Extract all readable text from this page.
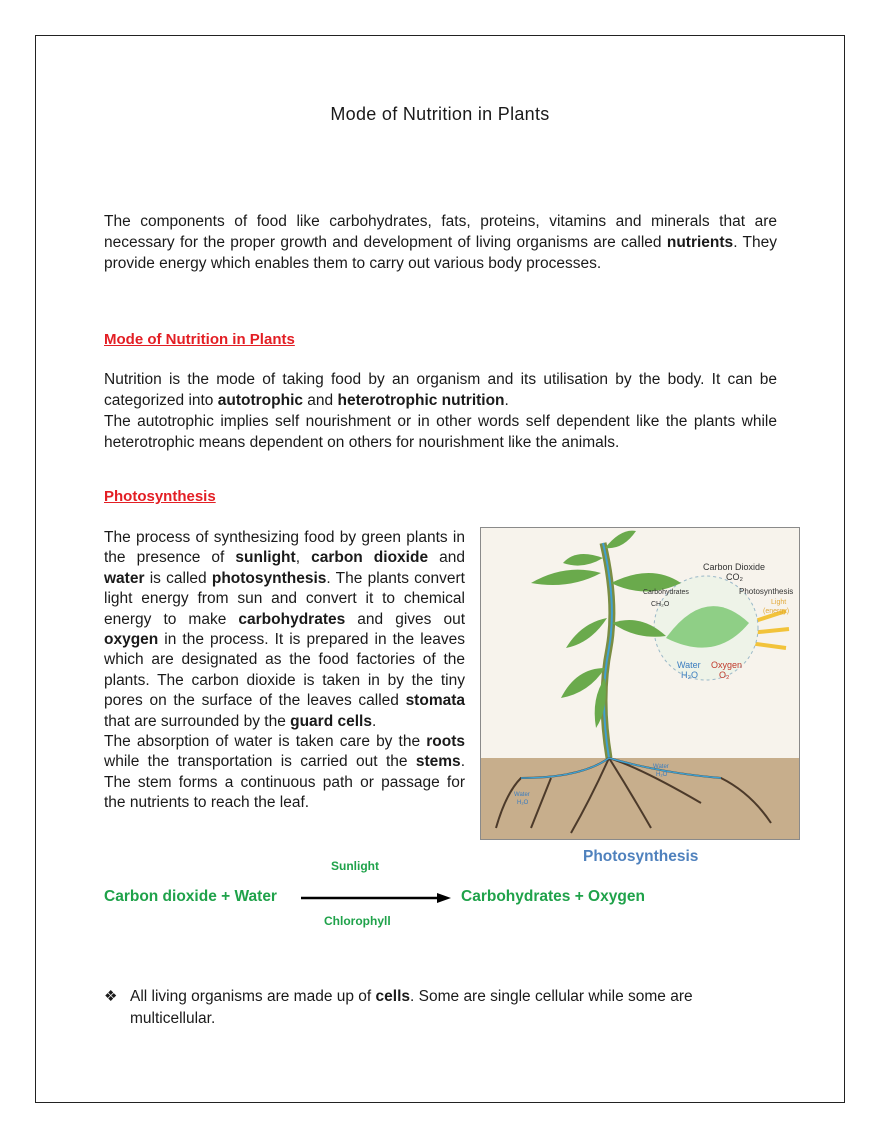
Mode of Nutrition in Plants
The components of food like carbohydrates, fats, proteins, vitamins and minerals that are necessary for the proper growth and development of living organisms are called nutrients. They provide energy which enables them to carry out various body processes.
Mode of Nutrition in Plants
Nutrition is the mode of taking food by an organism and its utilisation by the body. It can be categorized into autotrophic and heterotrophic nutrition.
The autotrophic implies self nourishment or in other words self dependent like the plants while heterotrophic means dependent on others for nourishment like the animals.
Photosynthesis
The process of synthesizing food by green plants in the presence of sunlight, carbon dioxide and water is called photosynthesis. The plants convert light energy from sun and convert it to chemical energy to make carbohydrates and gives out oxygen in the process. It is prepared in the leaves which are designated as the food factories of the plants. The carbon dioxide is taken in by the tiny pores on the surface of the leaves called stomata that are surrounded by the guard cells.
The absorption of water is taken care by the roots while the transportation is carried out the stems. The stem forms a continuous path or passage for the nutrients to reach the leaf.
Carbon Dioxide
CO₂
Carbohydrates
CH₂O
Photosynthesis
Light
(energy)
Water
H₂O
Oxygen
O₂
Water
H₂O
Water
H₂O
Photosynthesis
Sunlight
Carbon dioxide + Water	Carbohydrates + Oxygen
Chlorophyll
❖ All living organisms are made up of cells. Some are single cellular while some are multicellular.
